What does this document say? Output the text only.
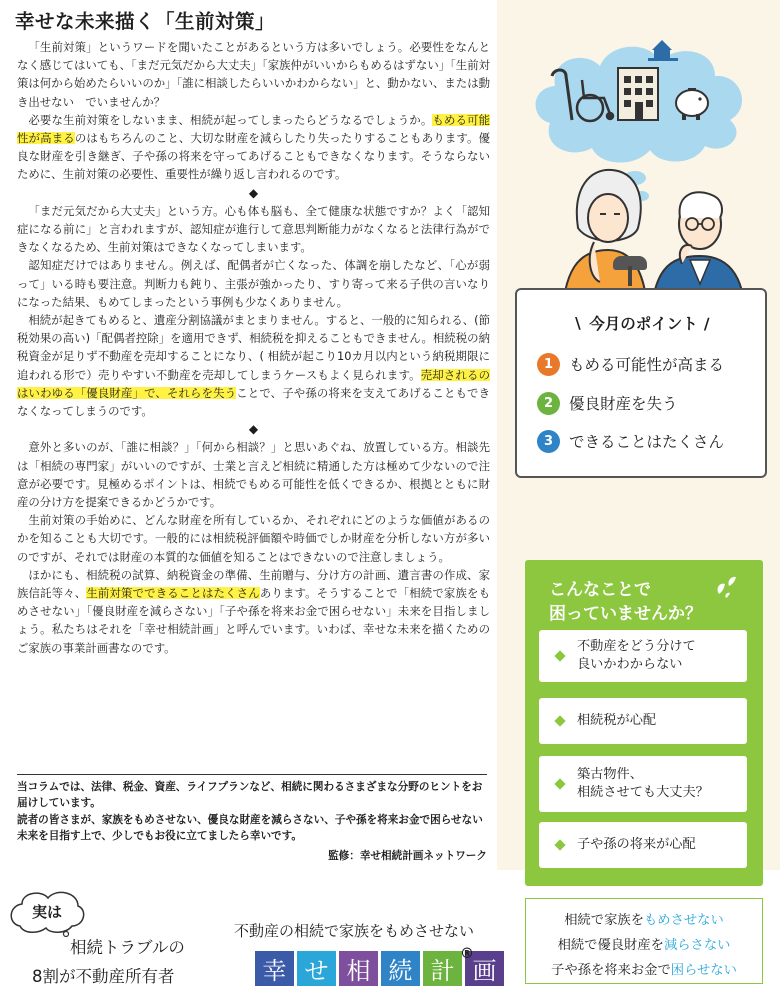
幸せな未来描く「生前対策」

「生前対策」というワードを聞いたことがあるという方は多いでしょう。必要性をなんとなく感じてはいても、「まだ元気だから大丈夫」「家族仲がいいからもめるはずない」「生前対策は何から始めたらいいのか」「誰に相談したらいいかわからない」と、動かない、または動き出せない　でいませんか？

必要な生前対策をしないまま、相続が起ってしまったらどうなるでしょうか。もめる可能性が高まるのはもちろんのこと、大切な財産を減らしたり失ったりすることもあります。優良な財産を引き継ぎ、子や孫の将来を守ってあげることもできなくなります。そうならないために、生前対策の必要性、重要性が繰り返し言われるのです。

◆

「まだ元気だから大丈夫」という方。心も体も脳も、全て健康な状態ですか？よく「認知症になる前に」と言われますが、認知症が進行して意思判断能力がなくなると法律行為ができなくなるため、生前対策はできなくなってしまいます。

認知症だけではありません。例えば、配偶者が亡くなった、体調を崩したなど、「心が弱って」いる時も要注意。判断力も鈍り、主張が強かったり、すり寄って来る子供の言いなりになった結果、もめてしまったという事例も少なくありません。

相続が起きてもめると、遺産分割協議がまとまりません。すると、一般的に知られる、(節税効果の高い)「配偶者控除」を適用できず、相続税を抑えることもできません。相続税の納税資金が足りず不動産を売却することになり、( 相続が起こり10カ月以内という納税期限に追われる形で）売りやすい不動産を売却してしまうケースもよく見られます。売却されるのはいわゆる「優良財産」で、それらを失うことで、子や孫の将来を支えてあげることもできなくなってしまうのです。

◆

意外と多いのが、「誰に相談？」「何から相談？」と思いあぐね、放置している方。相談先は「相続の専門家」がいいのですが、士業と言えど相続に精通した方は極めて少ないので注意が必要です。見極めるポイントは、相続でもめる可能性を低くできるか、根拠とともに財産の分け方を提案できるかどうかです。

生前対策の手始めに、どんな財産を所有しているか、それぞれにどのような価値があるのかを知ることも大切です。一般的には相続税評価額や時価でしか財産を分析しない方が多いのですが、それでは財産の本質的な価値を知ることはできないので注意しましょう。

ほかにも、相続税の試算、納税資金の準備、生前贈与、分け方の計画、遺言書の作成、家族信託等々、生前対策でできることはたくさんあります。そうすることで「相続で家族をもめさせない」「優良財産を減らさない」「子や孫を将来お金で困らせない」未来を目指しましょう。私たちはそれを「幸せ相続計画」と呼んでいます。いわば、幸せな未来を描くためのご家族の事業計画書なのです。

当コラムでは、法律、税金、資産、ライフプランなど、相続に関わるさまざまな分野のヒントをお届けしています。

読者の皆さまが、家族をもめさせない、優良な財産を減らさない、子や孫を将来お金で困らせない未来を目指す上で、少しでもお役に立てましたら幸いです。

監修：幸せ相続計画ネットワーク
∖ 今月のポイント ∕
1	もめる可能性が高まる
2	優良財産を失う
3	できることはたくさん
こんなことで
困っていませんか？
不動産をどう分けて
良いかわからない
相続税が心配
築古物件、
相続させても大丈夫？
子や孫の将来が心配
相続で家族をもめさせない
相続で優良財産を減らさない
子や孫を将来お金で困らせない
実は
相続トラブルの
8割が不動産所有者
不動産の相続で家族をもめさせない
幸 せ 相 続 計 画
®
